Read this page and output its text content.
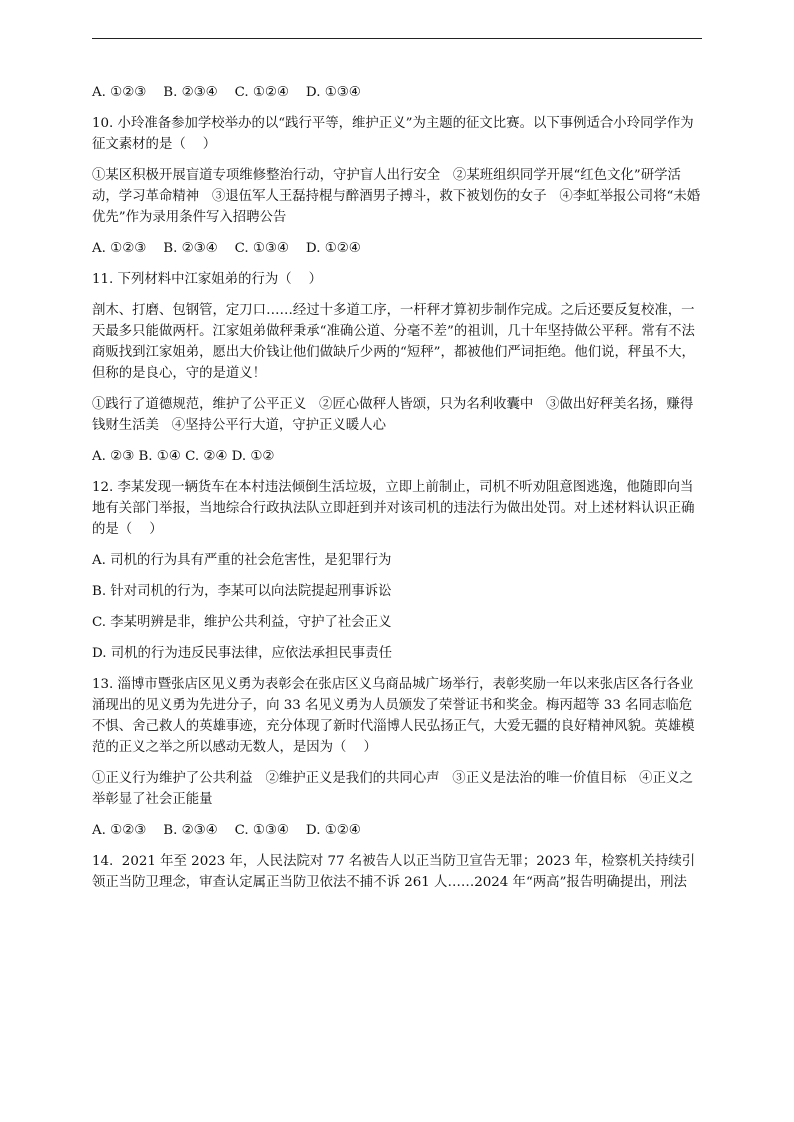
A. ①②③    B. ②③④    C. ①②④    D. ①③④

10. 小玲准备参加学校举办的以“践行平等，维护正义”为主题的征文比赛。以下事例适合小玲同学作为征文素材的是（    ）

①某区积极开展盲道专项维修整治行动，守护盲人出行安全   ②某班组织同学开展“红色文化”研学活动，学习革命精神   ③退伍军人王磊持棍与醉酒男子搏斗，救下被划伤的女子   ④李虹举报公司将“未婚优先”作为录用条件写入招聘公告

A. ①②③    B. ②③④    C. ①③④    D. ①②④

11. 下列材料中江家姐弟的行为（    ）

剖木、打磨、包钢管，定刀口……经过十多道工序，一杆秤才算初步制作完成。之后还要反复校准，一天最多只能做两杆。江家姐弟做秤秉承“准确公道、分毫不差”的祖训，几十年坚持做公平秤。常有不法商贩找到江家姐弟，愿出大价钱让他们做缺斤少两的“短秤”，都被他们严词拒绝。他们说，秤虽不大，但称的是良心，守的是道义！

①践行了道德规范，维护了公平正义   ②匠心做秤人皆颂，只为名利收囊中   ③做出好秤美名扬，赚得钱财生活美   ④坚持公平行大道，守护正义暖人心

A. ②③ B. ①④ C. ②④ D. ①②

12. 李某发现一辆货车在本村违法倾倒生活垃圾，立即上前制止，司机不听劝阻意图逃逸，他随即向当地有关部门举报，当地综合行政执法队立即赶到并对该司机的违法行为做出处罚。对上述材料认识正确的是（    ）

A. 司机的行为具有严重的社会危害性，是犯罪行为

B. 针对司机的行为，李某可以向法院提起刑事诉讼

C. 李某明辨是非，维护公共利益，守护了社会正义

D. 司机的行为违反民事法律，应依法承担民事责任

13. 淄博市暨张店区见义勇为表彰会在张店区义乌商品城广场举行，表彰奖励一年以来张店区各行各业涌现出的见义勇为先进分子，向 33 名见义勇为人员颁发了荣誉证书和奖金。梅丙超等 33 名同志临危不惧、舍己救人的英雄事迹，充分体现了新时代淄博人民弘扬正气，大爱无疆的良好精神风貌。英雄模范的正义之举之所以感动无数人，是因为（    ）

①正义行为维护了公共利益   ②维护正义是我们的共同心声   ③正义是法治的唯一价值目标   ④正义之举彰显了社会正能量

A. ①②③    B. ②③④    C. ①③④    D. ①②④

14.  2021 年至 2023 年，人民法院对 77 名被告人以正当防卫宣告无罪；2023 年，检察机关持续引领正当防卫理念，审查认定属正当防卫依法不捕不诉 261 人……2024 年“两高”报告明确提出，刑法
